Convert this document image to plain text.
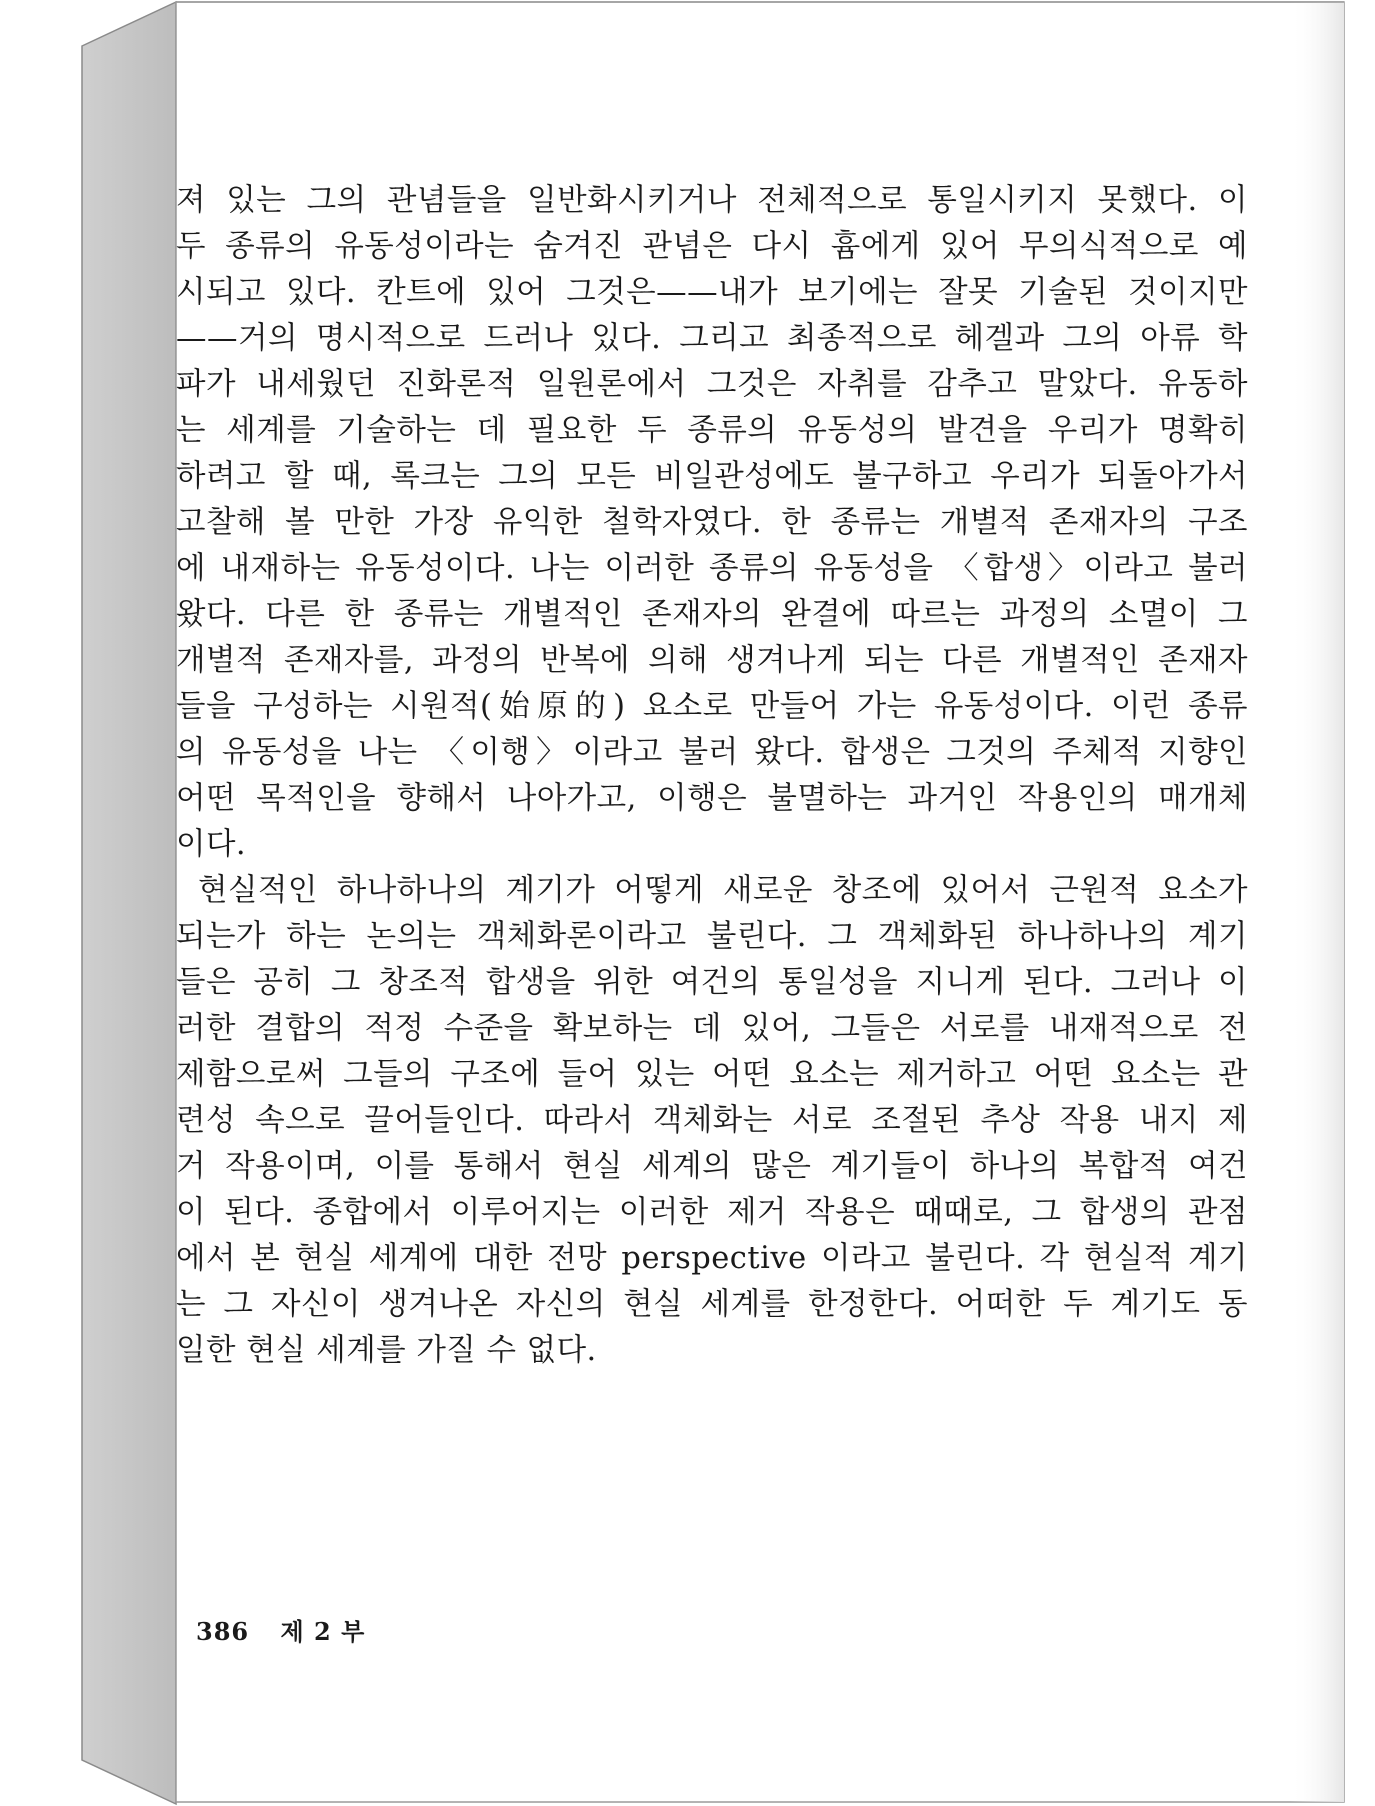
져 있는 그의 관념들을 일반화시키거나 전체적으로 통일시키지 못했다. 이
두 종류의 유동성이라는 숨겨진 관념은 다시 흄에게 있어 무의식적으로 예
시되고 있다. 칸트에 있어 그것은——내가 보기에는 잘못 기술된 것이지만
——거의 명시적으로 드러나 있다. 그리고 최종적으로 헤겔과 그의 아류 학
파가 내세웠던 진화론적 일원론에서 그것은 자취를 감추고 말았다. 유동하
는 세계를 기술하는 데 필요한 두 종류의 유동성의 발견을 우리가 명확히
하려고 할 때, 록크는 그의 모든 비일관성에도 불구하고 우리가 되돌아가서
고찰해 볼 만한 가장 유익한 철학자였다. 한 종류는 개별적 존재자의 구조
에 내재하는 유동성이다. 나는 이러한 종류의 유동성을 〈합생〉이라고 불러
왔다. 다른 한 종류는 개별적인 존재자의 완결에 따르는 과정의 소멸이 그
개별적 존재자를, 과정의 반복에 의해 생겨나게 되는 다른 개별적인 존재자
들을 구성하는 시원적(始原的) 요소로 만들어 가는 유동성이다. 이런 종류
의 유동성을 나는 〈이행〉이라고 불러 왔다. 합생은 그것의 주체적 지향인
어떤 목적인을 향해서 나아가고, 이행은 불멸하는 과거인 작용인의 매개체
이다.
현실적인 하나하나의 계기가 어떻게 새로운 창조에 있어서 근원적 요소가
되는가 하는 논의는 객체화론이라고 불린다. 그 객체화된 하나하나의 계기
들은 공히 그 창조적 합생을 위한 여건의 통일성을 지니게 된다. 그러나 이
러한 결합의 적정 수준을 확보하는 데 있어, 그들은 서로를 내재적으로 전
제함으로써 그들의 구조에 들어 있는 어떤 요소는 제거하고 어떤 요소는 관
련성 속으로 끌어들인다. 따라서 객체화는 서로 조절된 추상 작용 내지 제
거 작용이며, 이를 통해서 현실 세계의 많은 계기들이 하나의 복합적 여건
이 된다. 종합에서 이루어지는 이러한 제거 작용은 때때로, 그 합생의 관점
에서 본 현실 세계에 대한 전망 perspective 이라고 불린다. 각 현실적 계기
는 그 자신이 생겨나온 자신의 현실 세계를 한정한다. 어떠한 두 계기도 동
일한 현실 세계를 가질 수 없다.
386 제 2 부
